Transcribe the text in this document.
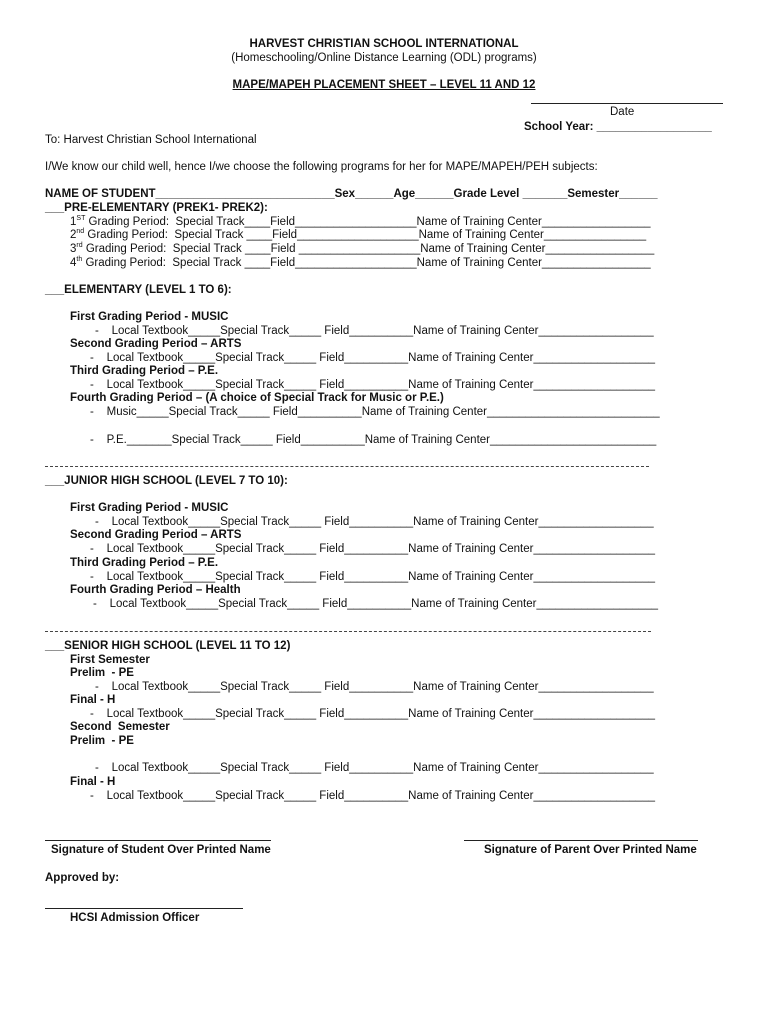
HARVEST CHRISTIAN SCHOOL INTERNATIONAL
(Homeschooling/Online Distance Learning (ODL) programs)
MAPE/MAPEH PLACEMENT SHEET – LEVEL 11 AND 12
Date
School Year: __________________
To: Harvest Christian School International
I/We know our child well, hence I/we choose the following programs for her for MAPE/MAPEH/PEH subjects:
NAME OF STUDENT____________________________Sex______Age______Grade Level _______Semester______
___PRE-ELEMENTARY (PREK1- PREK2):
1ST Grading Period:  Special Track____Field___________________Name of Training Center_________________
2nd Grading Period:  Special Track ____Field___________________Name of Training Center________________
3rd Grading Period:  Special Track ____Field ___________________Name of Training Center_________________
4th Grading Period:  Special Track ____Field___________________Name of Training Center_________________
___ELEMENTARY (LEVEL 1 TO 6):
First Grading Period - MUSIC
-    Local Textbook_____Special Track_____ Field__________Name of Training Center__________________
Second Grading Period – ARTS
-    Local Textbook_____Special Track_____ Field__________Name of Training Center___________________
Third Grading Period – P.E.
-    Local Textbook_____Special Track_____ Field__________Name of Training Center___________________
Fourth Grading Period – (A choice of Special Track for Music or P.E.)
-    Music_____Special Track_____ Field__________Name of Training Center___________________________
-    P.E._______Special Track_____ Field__________Name of Training Center__________________________
___JUNIOR HIGH SCHOOL (LEVEL 7 TO 10):
First Grading Period - MUSIC
-    Local Textbook_____Special Track_____ Field__________Name of Training Center__________________
Second Grading Period – ARTS
-    Local Textbook_____Special Track_____ Field__________Name of Training Center___________________
Third Grading Period – P.E.
-    Local Textbook_____Special Track_____ Field__________Name of Training Center___________________
Fourth Grading Period – Health
-    Local Textbook_____Special Track_____ Field__________Name of Training Center___________________
___SENIOR HIGH SCHOOL (LEVEL 11 TO 12)
First Semester
Prelim  - PE
-    Local Textbook_____Special Track_____ Field__________Name of Training Center__________________
Final - H
-    Local Textbook_____Special Track_____ Field__________Name of Training Center___________________
Second  Semester
Prelim  - PE
-    Local Textbook_____Special Track_____ Field__________Name of Training Center__________________
Final - H
-    Local Textbook_____Special Track_____ Field__________Name of Training Center___________________
Signature of Student Over Printed Name	Signature of Parent Over Printed Name
Approved by:
HCSI Admission Officer
